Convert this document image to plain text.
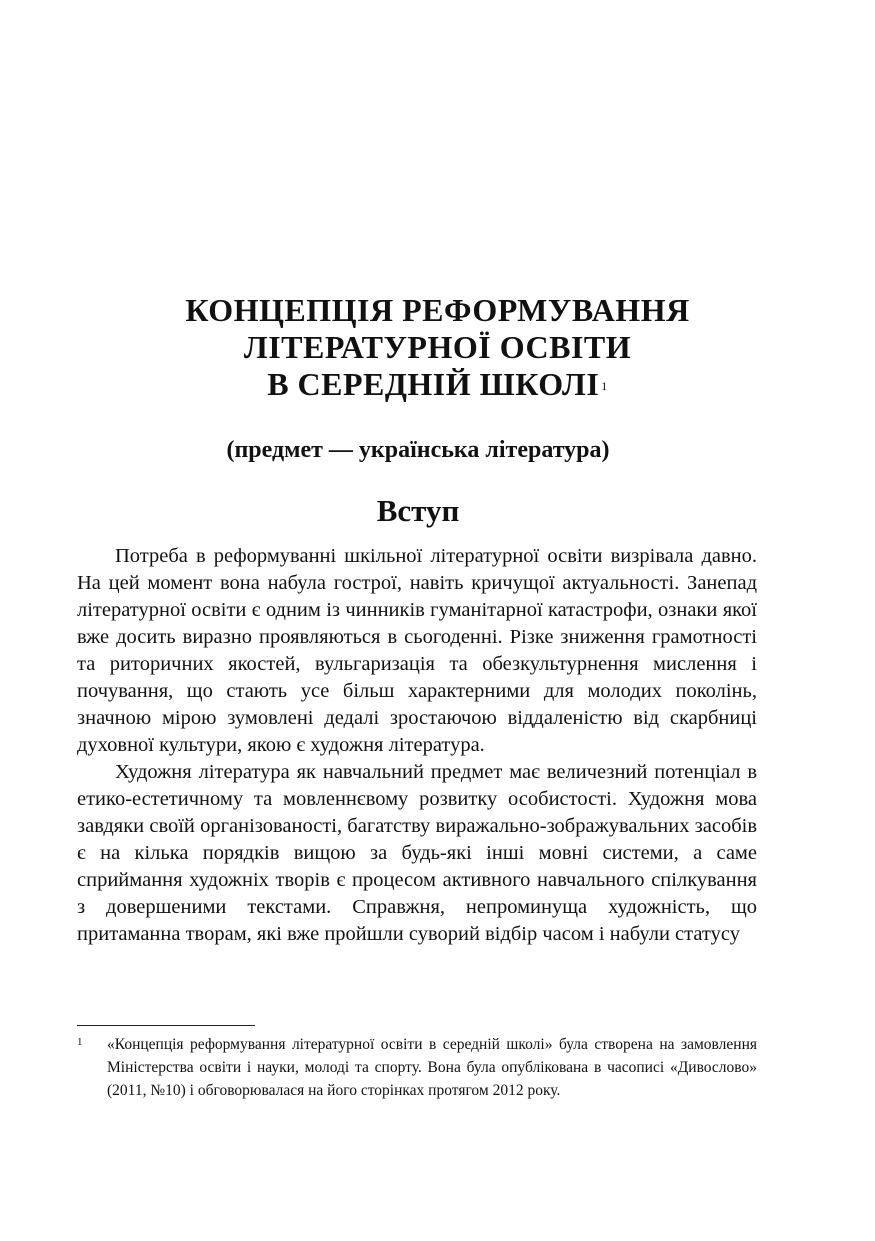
КОНЦЕПЦІЯ РЕФОРМУВАННЯ
ЛІТЕРАТУРНОЇ ОСВІТИ
В СЕРЕДНІЙ ШКОЛІ $^1$
(предмет — українська література)
Вступ

Потреба в реформуванні шкільної літературної освіти визрівала давно. На цей момент вона набула гострої, навіть кричущої актуальності. Занепад літературної освіти є одним із чинників гуманітарної катастрофи, ознаки якої вже досить виразно проявляються в сьогоденні. Різке зниження грамотності та риторичних якостей, вульгаризація та обезкультурнення мислення і почування, що стають усе більш характерними для молодих поколінь, значною мірою зумовлені дедалі зростаючою віддаленістю від скарбниці духовної культури, якою є художня література.

Художня література як навчальний предмет має величезний потенціал в етико-естетичному та мовленнєвому розвитку особистості. Художня мова завдяки своїй організованості, багатству виражально-зображувальних засобів є на кілька порядків вищою за будь-які інші мовні системи, а саме сприймання художніх творів є процесом активного навчального спілкування з довершеними текстами. Справжня, непроминуща художність, що притаманна творам, які вже пройшли суворий відбір часом і набули статусу

1	«Концепція реформування літературної освіти в середній школі» була створена на замовлення Міністерства освіти і науки, молоді та спорту. Вона була опублікована в часописі «Дивослово» (2011, №10) і обговорювалася на його сторінках протягом 2012 року.
